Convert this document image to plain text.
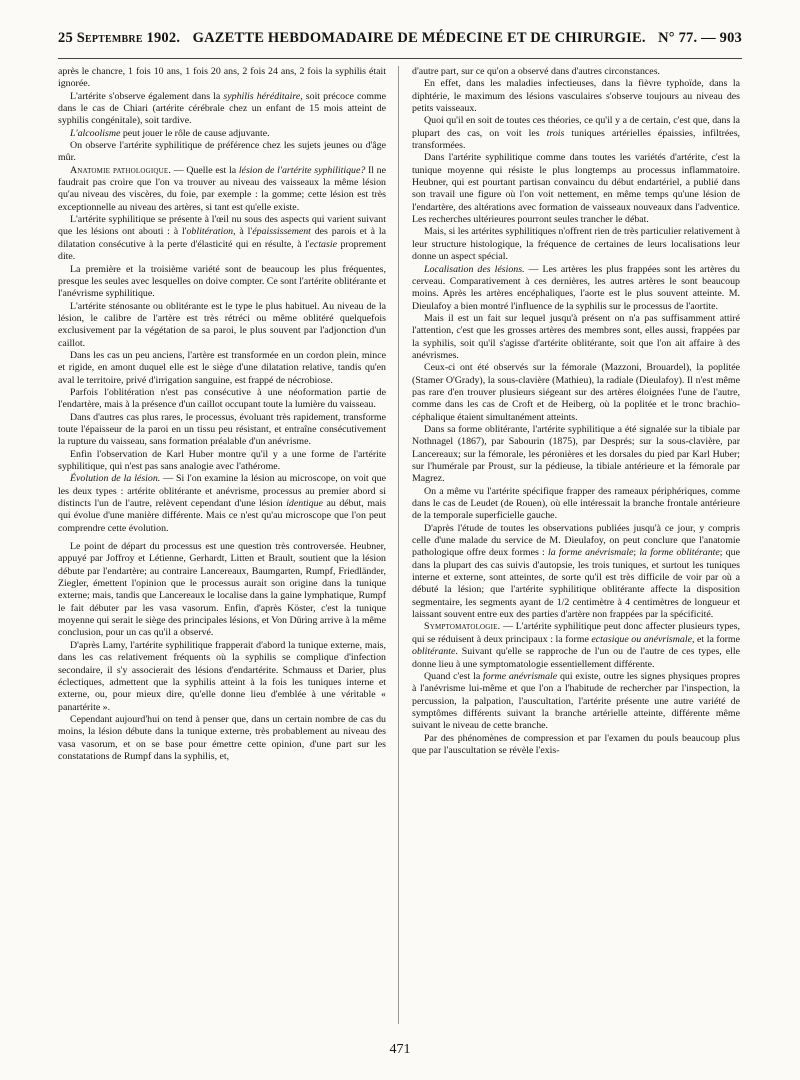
25 Septembre 1902. GAZETTE HEBDOMADAIRE DE MÉDECINE ET DE CHIRURGIE. N° 77. — 903

après le chancre, 1 fois 10 ans, 1 fois 20 ans, 2 fois 24 ans, 2 fois la syphilis était ignorée.

L'artérite s'observe également dans la syphilis héréditaire, soit précoce comme dans le cas de Chiari (artérite cérébrale chez un enfant de 15 mois atteint de syphilis congénitale), soit tardive.

L'alcoolisme peut jouer le rôle de cause adjuvante.

On observe l'artérite syphilitique de préférence chez les sujets jeunes ou d'âge mûr.

Anatomie pathologique. — Quelle est la lésion de l'artérite syphilitique? Il ne faudrait pas croire que l'on va trouver au niveau des vaisseaux la même lésion qu'au niveau des viscères, du foie, par exemple : la gomme; cette lésion est très exceptionnelle au niveau des artères, si tant est qu'elle existe.

L'artérite syphilitique se présente à l'œil nu sous des aspects qui varient suivant que les lésions ont abouti : à l'oblitération, à l'épaississement des parois et à la dilatation consécutive à la perte d'élasticité qui en résulte, à l'ectasie proprement dite.

La première et la troisième variété sont de beaucoup les plus fréquentes, presque les seules avec lesquelles on doive compter. Ce sont l'artérite oblitérante et l'anévrisme syphilitique.

L'artérite sténosante ou oblitérante est le type le plus habituel. Au niveau de la lésion, le calibre de l'artère est très rétréci ou même oblitéré quelquefois exclusivement par la végétation de sa paroi, le plus souvent par l'adjonction d'un caillot.

Dans les cas un peu anciens, l'artère est transformée en un cordon plein, mince et rigide, en amont duquel elle est le siège d'une dilatation relative, tandis qu'en aval le territoire, privé d'irrigation sanguine, est frappé de nécrobiose.

Parfois l'oblitération n'est pas consécutive à une néoformation partie de l'endartère, mais à la présence d'un caillot occupant toute la lumière du vaisseau.

Dans d'autres cas plus rares, le processus, évoluant très rapidement, transforme toute l'épaisseur de la paroi en un tissu peu résistant, et entraîne consécutivement la rupture du vaisseau, sans formation préalable d'un anévrisme.

Enfin l'observation de Karl Huber montre qu'il y a une forme de l'artérite syphilitique, qui n'est pas sans analogie avec l'athérome.

Évolution de la lésion. — Si l'on examine la lésion au microscope, on voit que les deux types : artérite oblitérante et anévrisme, processus au premier abord si distincts l'un de l'autre, relèvent cependant d'une lésion identique au début, mais qui évolue d'une manière différente. Mais ce n'est qu'au microscope que l'on peut comprendre cette évolution.

Le point de départ du processus est une question très controversée. Heubner, appuyé par Joffroy et Létienne, Gerhardt, Litten et Brault, soutient que la lésion débute par l'endartère; au contraire Lancereaux, Baumgarten, Rumpf, Friedländer, Ziegler, émettent l'opinion que le processus aurait son origine dans la tunique externe; mais, tandis que Lancereaux le localise dans la gaine lymphatique, Rumpf le fait débuter par les vasa vasorum. Enfin, d'après Köster, c'est la tunique moyenne qui serait le siège des principales lésions, et Von Düring arrive à la même conclusion, pour un cas qu'il a observé.

D'après Lamy, l'artérite syphilitique frapperait d'abord la tunique externe, mais, dans les cas relativement fréquents où la syphilis se complique d'infection secondaire, il s'y associerait des lésions d'endartérite. Schmauss et Darier, plus éclectiques, admettent que la syphilis atteint à la fois les tuniques interne et externe, ou, pour mieux dire, qu'elle donne lieu d'emblée à une véritable « panartérite ».

Cependant aujourd'hui on tend à penser que, dans un certain nombre de cas du moins, la lésion débute dans la tunique externe, très probablement au niveau des vasa vasorum, et on se base pour émettre cette opinion, d'une part sur les constatations de Rumpf dans la syphilis, et,

d'autre part, sur ce qu'on a observé dans d'autres circonstances.

En effet, dans les maladies infectieuses, dans la fièvre typhoïde, dans la diphtérie, le maximum des lésions vasculaires s'observe toujours au niveau des petits vaisseaux.

Quoi qu'il en soit de toutes ces théories, ce qu'il y a de certain, c'est que, dans la plupart des cas, on voit les trois tuniques artérielles épaissies, infiltrées, transformées.

Dans l'artérite syphilitique comme dans toutes les variétés d'artérite, c'est la tunique moyenne qui résiste le plus longtemps au processus inflammatoire. Heubner, qui est pourtant partisan convaincu du début endartériel, a publié dans son travail une figure où l'on voit nettement, en même temps qu'une lésion de l'endartère, des altérations avec formation de vaisseaux nouveaux dans l'adventice. Les recherches ultérieures pourront seules trancher le débat.

Mais, si les artérites syphilitiques n'offrent rien de très particulier relativement à leur structure histologique, la fréquence de certaines de leurs localisations leur donne un aspect spécial.

Localisation des lésions. — Les artères les plus frappées sont les artères du cerveau. Comparativement à ces dernières, les autres artères le sont beaucoup moins. Après les artères encéphaliques, l'aorte est le plus souvent atteinte. M. Dieulafoy a bien montré l'influence de la syphilis sur le processus de l'aortite.

Mais il est un fait sur lequel jusqu'à présent on n'a pas suffisamment attiré l'attention, c'est que les grosses artères des membres sont, elles aussi, frappées par la syphilis, soit qu'il s'agisse d'artérite oblitérante, soit que l'on ait affaire à des anévrismes.

Ceux-ci ont été observés sur la fémorale (Mazzoni, Brouardel), la poplitée (Stamer O'Grady), la sous-clavière (Mathieu), la radiale (Dieulafoy). Il n'est même pas rare d'en trouver plusieurs siégeant sur des artères éloignées l'une de l'autre, comme dans les cas de Croft et de Heiberg, où la poplitée et le tronc brachio-céphalique étaient simultanément atteints.

Dans sa forme oblitérante, l'artérite syphilitique a été signalée sur la tibiale par Nothnagel (1867), par Sabourin (1875), par Després; sur la sous-clavière, par Lancereaux; sur la fémorale, les péronières et les dorsales du pied par Karl Huber; sur l'humérale par Proust, sur la pédieuse, la tibiale antérieure et la fémorale par Magrez.

On a même vu l'artérite spécifique frapper des rameaux périphériques, comme dans le cas de Leudet (de Rouen), où elle intéressait la branche frontale antérieure de la temporale superficielle gauche.

D'après l'étude de toutes les observations publiées jusqu'à ce jour, y compris celle d'une malade du service de M. Dieulafoy, on peut conclure que l'anatomie pathologique offre deux formes : la forme anévrismale; la forme oblitérante; que dans la plupart des cas suivis d'autopsie, les trois tuniques, et surtout les tuniques interne et externe, sont atteintes, de sorte qu'il est très difficile de voir par où a débuté la lésion; que l'artérite syphilitique oblitérante affecte la disposition segmentaire, les segments ayant de 1/2 centimètre à 4 centimètres de longueur et laissant souvent entre eux des parties d'artère non frappées par la spécificité.

Symptomatologie. — L'artérite syphilitique peut donc affecter plusieurs types, qui se réduisent à deux principaux : la forme ectasique ou anévrismale, et la forme oblitérante. Suivant qu'elle se rapproche de l'un ou de l'autre de ces types, elle donne lieu à une symptomatologie essentiellement différente.

Quand c'est la forme anévrismale qui existe, outre les signes physiques propres à l'anévrisme lui-même et que l'on a l'habitude de rechercher par l'inspection, la percussion, la palpation, l'auscultation, l'artérite présente une autre variété de symptômes différents suivant la branche artérielle atteinte, différente même suivant le niveau de cette branche.

Par des phénomènes de compression et par l'examen du pouls beaucoup plus que par l'auscultation se révèle l'exis-

471
